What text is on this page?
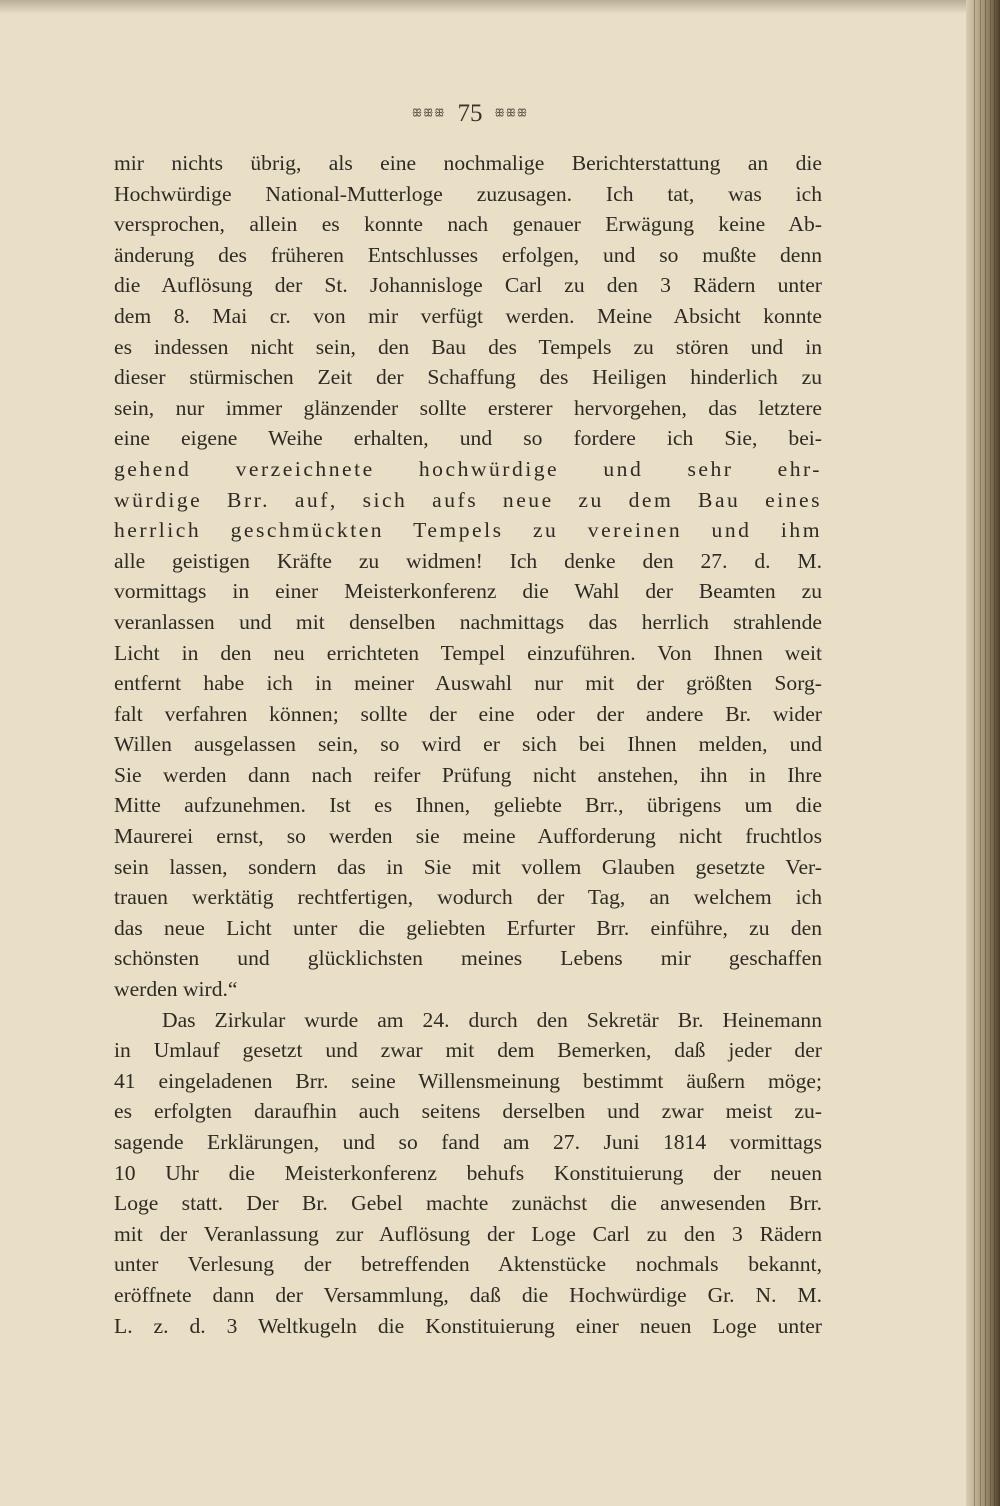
ꕥꕥꕥ 75 ꕥꕥꕥ
mir nichts übrig, als eine nochmalige Berichterstattung an die
Hochwürdige National-Mutterloge zuzusagen. Ich tat, was ich
versprochen, allein es konnte nach genauer Erwägung keine Ab-
änderung des früheren Entschlusses erfolgen, und so mußte denn
die Auflösung der St. Johannisloge Carl zu den 3 Rädern unter
dem 8. Mai cr. von mir verfügt werden. Meine Absicht konnte
es indessen nicht sein, den Bau des Tempels zu stören und in
dieser stürmischen Zeit der Schaffung des Heiligen hinderlich zu
sein, nur immer glänzender sollte ersterer hervorgehen, das letztere
eine eigene Weihe erhalten, und so fordere ich Sie, bei-
gehend verzeichnete hochwürdige und sehr ehr-
würdige Brr. auf, sich aufs neue zu dem Bau eines
herrlich geschmückten Tempels zu vereinen und ihm
alle geistigen Kräfte zu widmen! Ich denke den 27. d. M.
vormittags in einer Meisterkonferenz die Wahl der Beamten zu
veranlassen und mit denselben nachmittags das herrlich strahlende
Licht in den neu errichteten Tempel einzuführen. Von Ihnen weit
entfernt habe ich in meiner Auswahl nur mit der größten Sorg-
falt verfahren können; sollte der eine oder der andere Br. wider
Willen ausgelassen sein, so wird er sich bei Ihnen melden, und
Sie werden dann nach reifer Prüfung nicht anstehen, ihn in Ihre
Mitte aufzunehmen. Ist es Ihnen, geliebte Brr., übrigens um die
Maurerei ernst, so werden sie meine Aufforderung nicht fruchtlos
sein lassen, sondern das in Sie mit vollem Glauben gesetzte Ver-
trauen werktätig rechtfertigen, wodurch der Tag, an welchem ich
das neue Licht unter die geliebten Erfurter Brr. einführe, zu den
schönsten und glücklichsten meines Lebens mir geschaffen
werden wird.“
Das Zirkular wurde am 24. durch den Sekretär Br. Heinemann
in Umlauf gesetzt und zwar mit dem Bemerken, daß jeder der
41 eingeladenen Brr. seine Willensmeinung bestimmt äußern möge;
es erfolgten daraufhin auch seitens derselben und zwar meist zu-
sagende Erklärungen, und so fand am 27. Juni 1814 vormittags
10 Uhr die Meisterkonferenz behufs Konstituierung der neuen
Loge statt. Der Br. Gebel machte zunächst die anwesenden Brr.
mit der Veranlassung zur Auflösung der Loge Carl zu den 3 Rädern
unter Verlesung der betreffenden Aktenstücke nochmals bekannt,
eröffnete dann der Versammlung, daß die Hochwürdige Gr. N. M.
L. z. d. 3 Weltkugeln die Konstituierung einer neuen Loge unter
